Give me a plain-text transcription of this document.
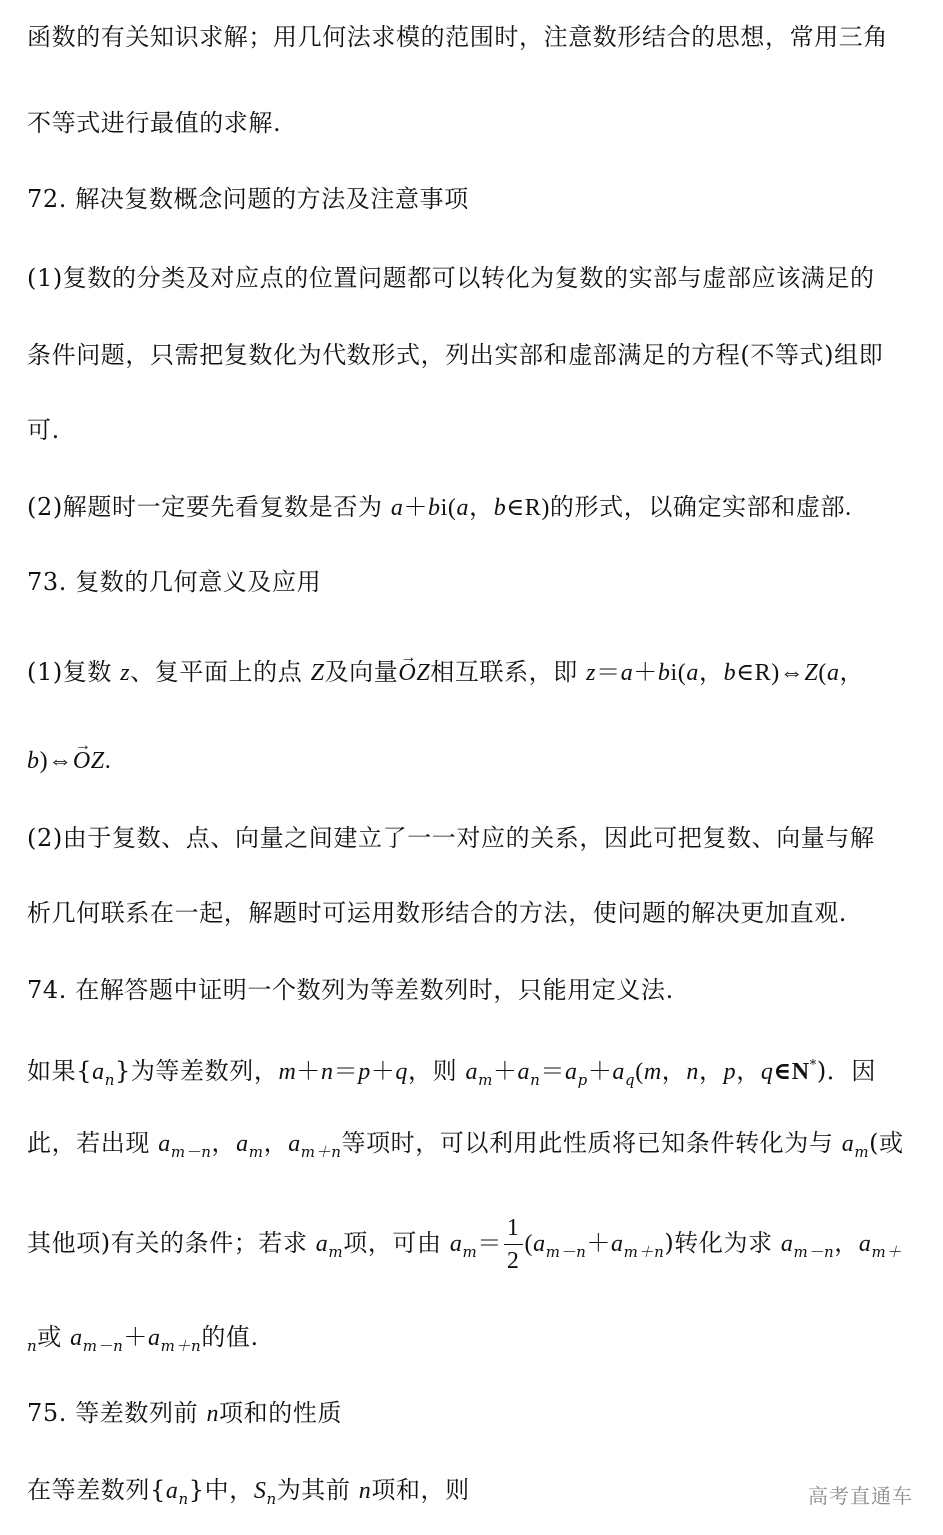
函数的有关知识求解；用几何法求模的范围时，注意数形结合的思想，常用三角
不等式进行最值的求解.
72. 解决复数概念问题的方法及注意事项
(1)复数的分类及对应点的位置问题都可以转化为复数的实部与虚部应该满足的
条件问题，只需把复数化为代数形式，列出实部和虚部满足的方程(不等式)组即
可.
(2)解题时一定要先看复数是否为 a＋bi(a，b∈R)的形式，以确定实部和虚部.
73. 复数的几何意义及应用
(1)复数 z、复平面上的点 Z及向量→ OZ相互联系，即 z＝a＋bi(a，b∈R)⇔Z(a，
b)⇔→ OZ.
(2)由于复数、点、向量之间建立了一一对应的关系，因此可把复数、向量与解
析几何联系在一起，解题时可运用数形结合的方法，使问题的解决更加直观.
74. 在解答题中证明一个数列为等差数列时，只能用定义法.
如果$\{a_n\}$为等差数列，m＋n＝p＋q，则 $a_m+a_n=a_p+a_q(m$，n，p，q∈N*)．因
此，若出现 $a_{m-n}$，$a_m$，$a_{m+n}$等项时，可以利用此性质将已知条件转化为与 $a_m$(或
其他项)有关的条件；若求 $a_m$项，可由 $a_m= \frac{1}{2} (a_{m-n}+a_{m+n})$转化为求 $a_{m-n}$，$a_{m+}$
$_n$或 $a_{m-n}+a_{m+n}$的值.
75. 等差数列前 n项和的性质
在等差数列$\{a_n\}$中，$S_n$为其前 n项和，则	高考直通车
